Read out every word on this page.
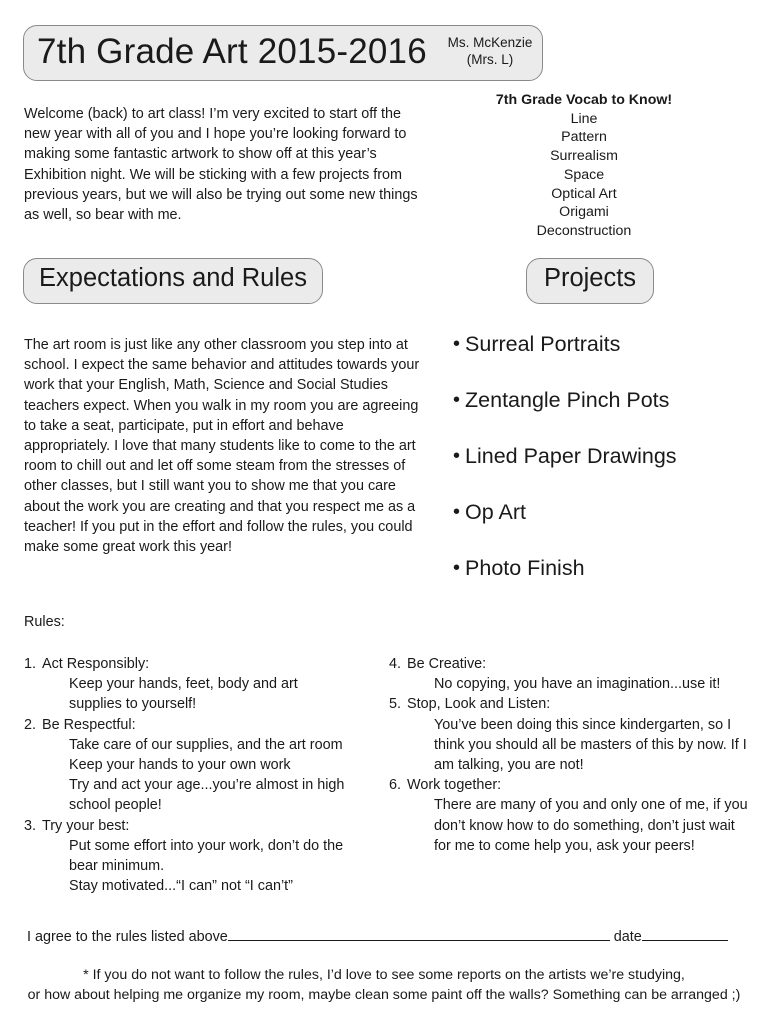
7th Grade Art 2015-2016 Ms. McKenzie
(Mrs. L)
Welcome (back) to art class! I’m very excited to start off the new year with all of you and I hope you’re looking forward to making some fantastic artwork to show off at this year’s Exhibition night. We will be sticking with a few projects from previous years, but we will also be trying out some new things as well, so bear with me.
7th Grade Vocab to Know!
Line
Pattern
Surrealism
Space
Optical Art
Origami
Deconstruction
Expectations and Rules	Projects
The art room is just like any other classroom you step into at school. I expect the same behavior and attitudes towards your work that your English, Math, Science and Social Studies teachers expect. When you walk in my room you are agreeing to take a seat, participate, put in effort and behave appropriately. I love that many students like to come to the art room to chill out and let off some steam from the stresses of other classes, but I still want you to show me that you care about the work you are creating and that you respect me as a teacher! If you put in the effort and follow the rules, you could make some great work this year!
• Surreal Portraits
• Zentangle Pinch Pots
• Lined Paper Drawings
• Op Art
• Photo Finish
Rules:
1. Act Responsibly:
Keep your hands, feet, body and art supplies to yourself!
2. Be Respectful:
Take care of our supplies, and the art room
Keep your hands to your own work
Try and act your age...you’re almost in high school people!
3. Try your best:
Put some effort into your work, don’t do the bear minimum.
Stay motivated...“I can” not “I can’t”
4. Be Creative:
No copying, you have an imagination...use it!
5. Stop, Look and Listen:
You’ve been doing this since kindergarten, so I think you should all be masters of this by now. If I am talking, you are not!
6. Work together:
There are many of you and only one of me, if you don’t know how to do something, don’t just wait for me to come help you, ask your peers!
I agree to the rules listed above	date
* If you do not want to follow the rules, I’d love to see some reports on the artists we’re studying,
or how about helping me organize my room, maybe clean some paint off the walls? Something can be arranged ;)
